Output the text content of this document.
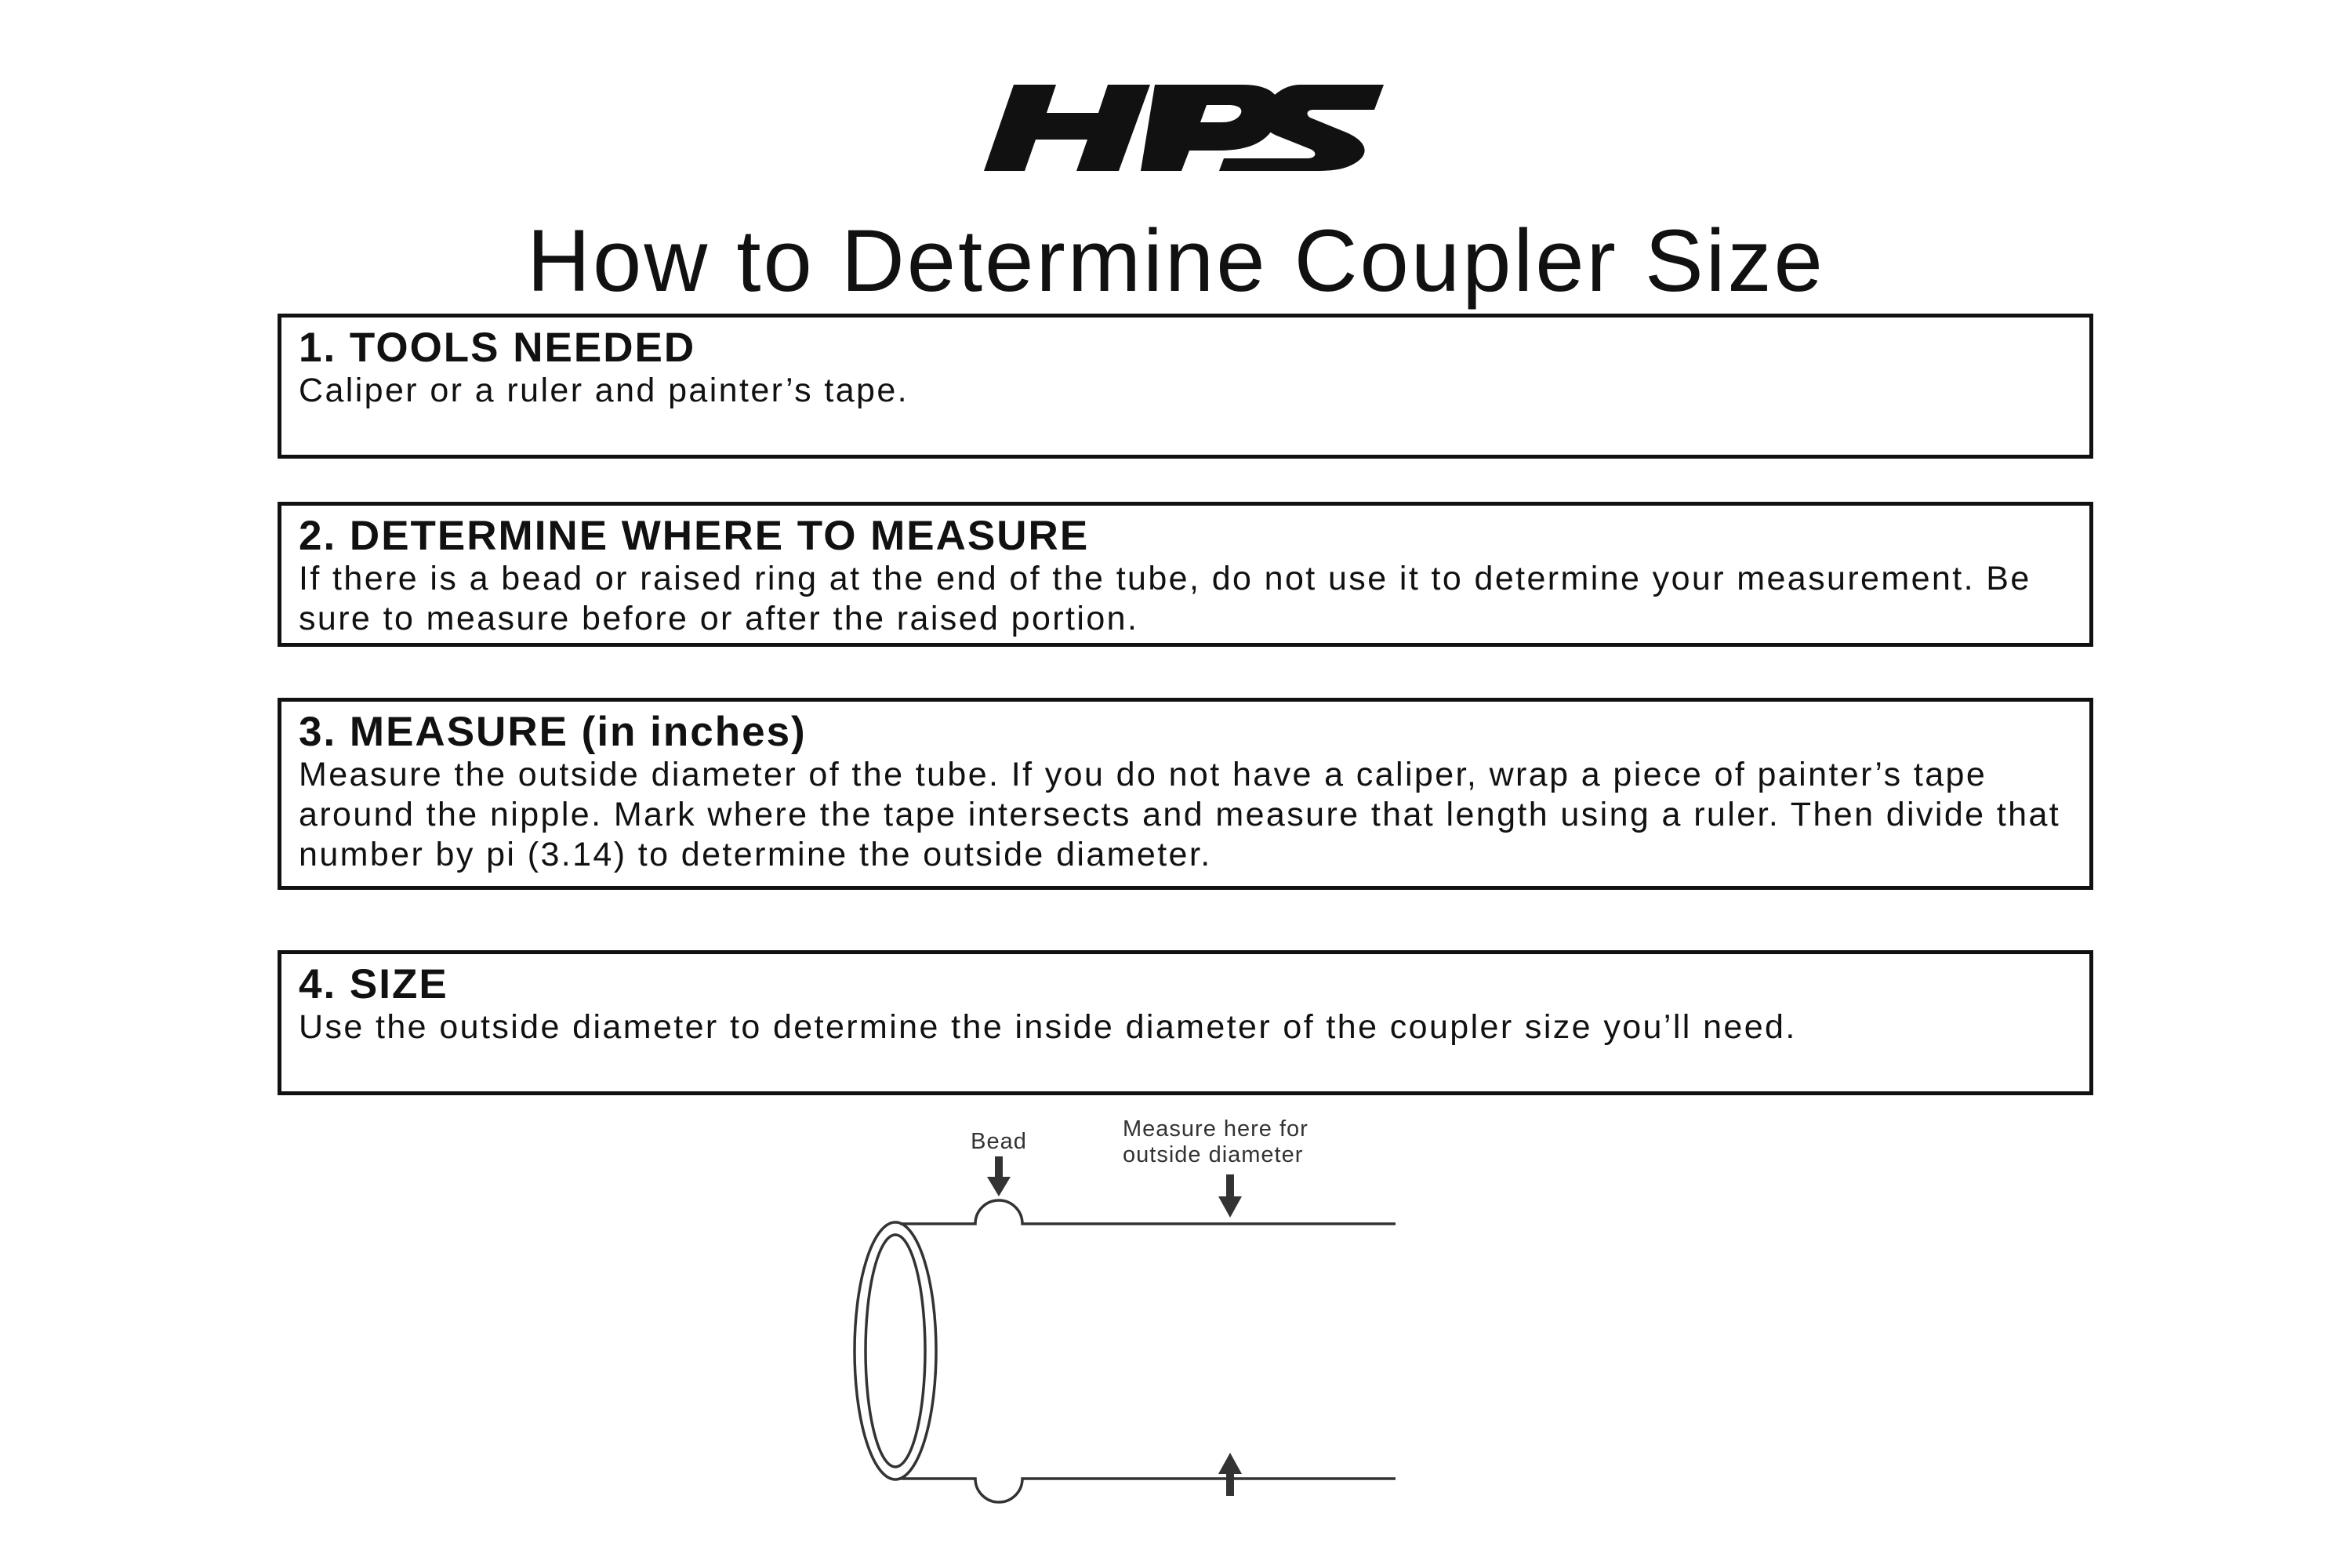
How to Determine Coupler Size

1. TOOLS NEEDED

Caliper or a ruler and painter’s tape.

2. DETERMINE WHERE TO MEASURE

If there is a bead or raised ring at the end of the tube, do not use it to determine your measurement. Be sure to measure before or after the raised portion.

3. MEASURE (in inches)

Measure the outside diameter of the tube. If you do not have a caliper, wrap a piece of painter’s tape around the nipple. Mark where the tape intersects and measure that length using a ruler. Then divide that number by pi (3.14) to determine the outside diameter.

4. SIZE

Use the outside diameter to determine the inside diameter of the coupler size you’ll need.

Bead	Measure here for
outside diameter
